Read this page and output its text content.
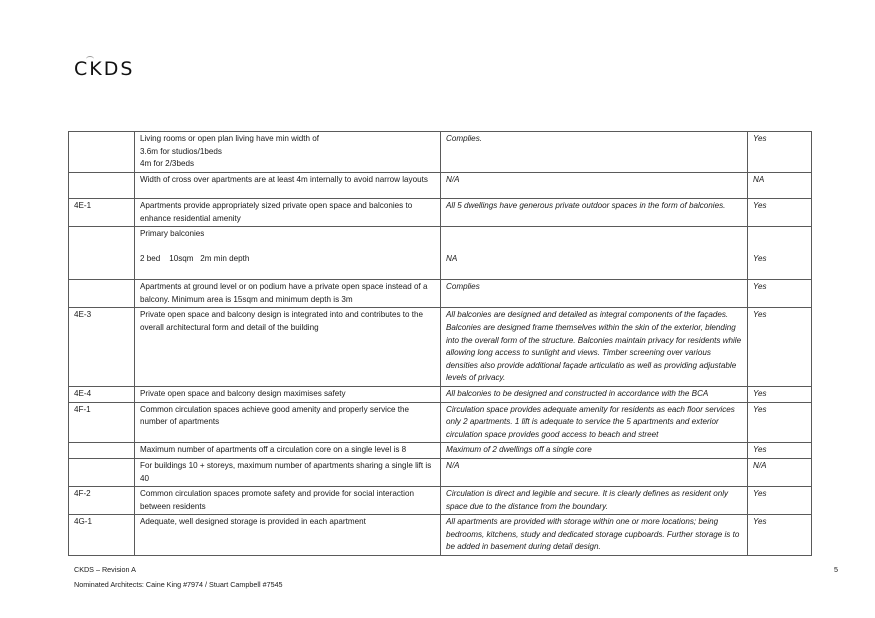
CKDS

	Living rooms or open plan living have min width of
3.6m for studios/1beds
4m for 2/3beds	Complies.	Yes
	Width of cross over apartments are at least 4m internally to avoid narrow layouts	N/A	NA
4E-1	Apartments provide appropriately sized private open space and balconies to enhance residential amenity	All 5 dwellings have generous private outdoor spaces in the form of balconies.	Yes

	Primary balconies
2 bed    10sqm   2m min depth	NA	Yes

	Apartments at ground level or on podium have a private open space instead of a balcony. Minimum area is 15sqm and minimum depth is 3m	Complies	Yes
4E-3	Private open space and balcony design is integrated into and contributes to the overall architectural form and detail of the building	All balconies are designed and detailed as integral components of the façades. Balconies are designed frame themselves within the skin of the exterior, blending into the overall form of the structure. Balconies maintain privacy for residents while allowing long access to sunlight and views. Timber screening over various densities also provide additional façade articulatio as well as providing adjustable levels of privacy.	Yes
4E-4	Private open space and balcony design maximises safety	All balconies to be designed and constructed in accordance with the BCA	Yes
4F-1	Common circulation spaces achieve good amenity and properly service the number of apartments	Circulation space provides adequate amenity for residents as each floor services only 2 apartments. 1 lift is adequate to service the 5 apartments and exterior circulation space provides good access to beach and street	Yes
	Maximum number of apartments off a circulation core on a single level is 8	Maximum of 2 dwellings off a single core	Yes
	For buildings 10 + storeys, maximum number of apartments sharing a single lift is 40	N/A	N/A
4F-2	Common circulation spaces promote safety and provide for social interaction between residents	Circulation is direct and legible and secure. It is clearly defines as resident only space due to the distance from the boundary.	Yes
4G-1	Adequate, well designed storage is provided in each apartment	All apartments are provided with storage within one or more locations; being bedrooms, kitchens, study and dedicated storage cupboards. Further storage is to be added in basement during detail design.	Yes
CKDS – Revision A
Nominated Architects: Caine King #7974 / Stuart Campbell #7545
5
